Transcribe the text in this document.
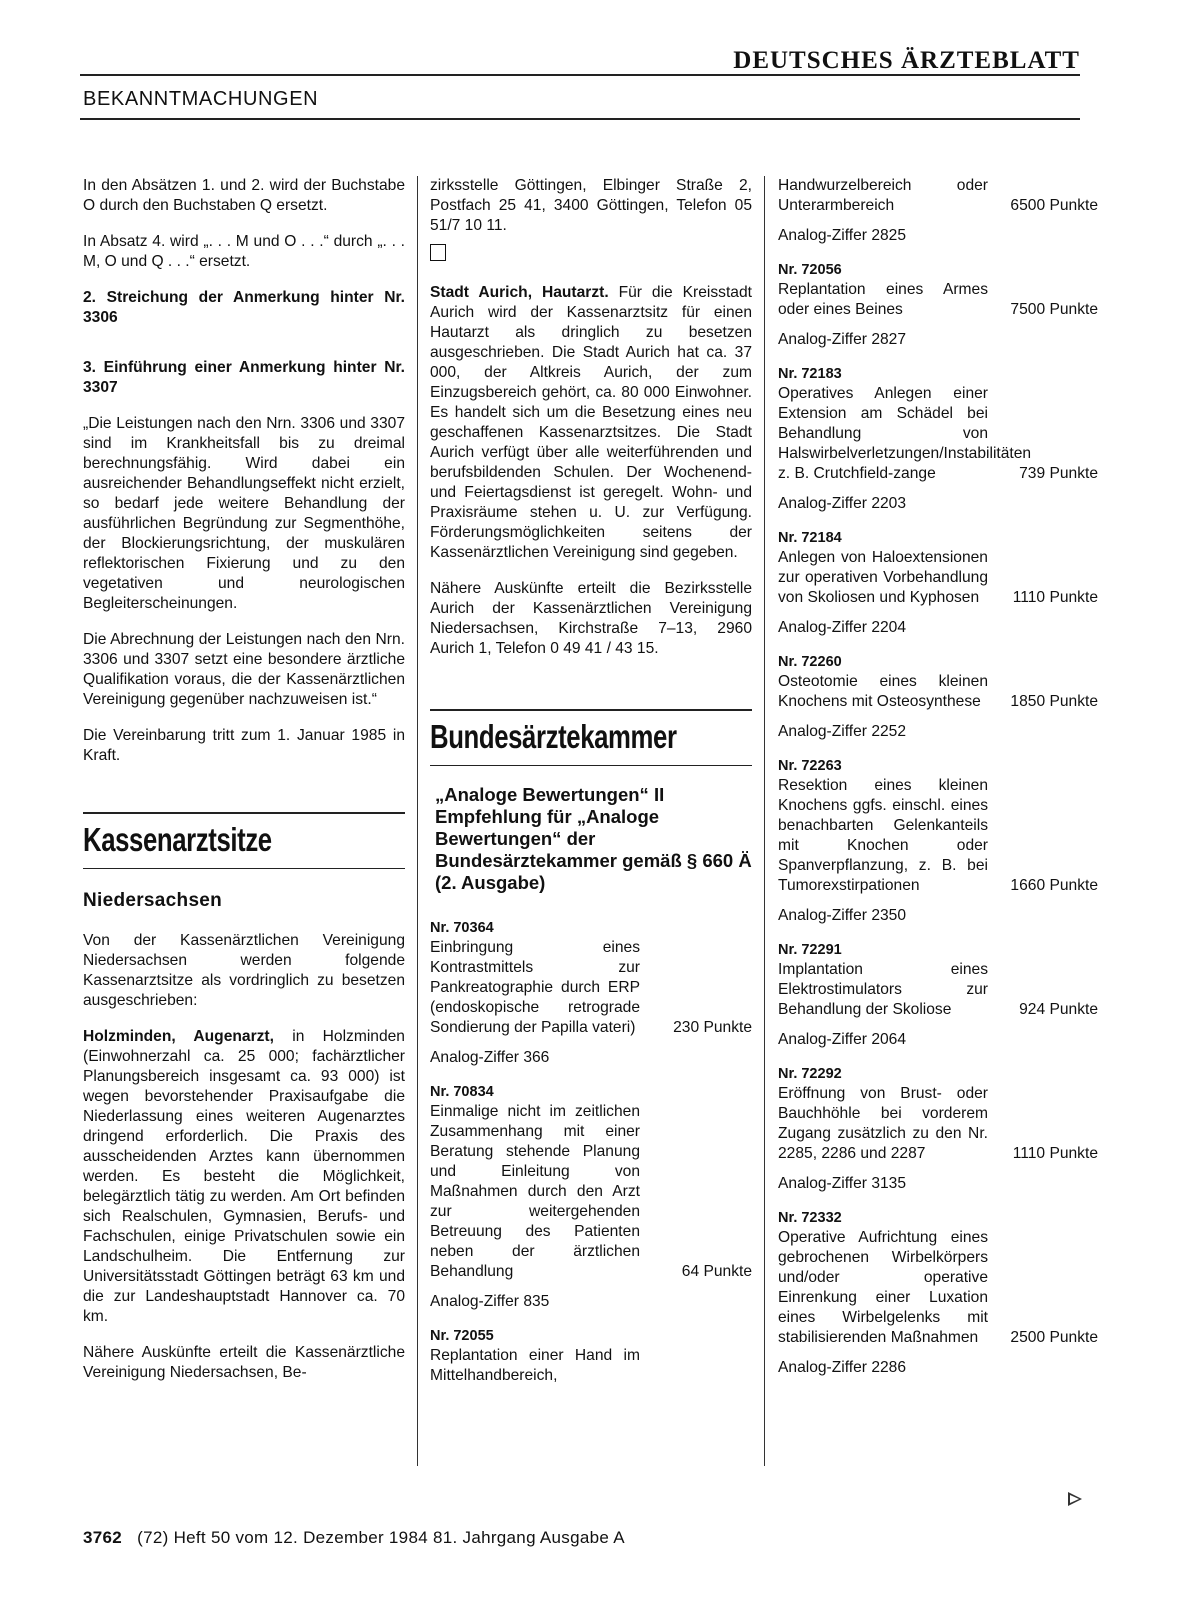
DEUTSCHES ÄRZTEBLATT
BEKANNTMACHUNGEN

In den Absätzen 1. und 2. wird der Buchstabe O durch den Buchstaben Q ersetzt.

In Absatz 4. wird „. . . M und O . . .“ durch „. . . M, O und Q . . .“ ersetzt.

2. Streichung der Anmerkung hinter Nr. 3306

3. Einführung einer Anmerkung hinter Nr. 3307

„Die Leistungen nach den Nrn. 3306 und 3307 sind im Krankheitsfall bis zu dreimal berechnungsfähig. Wird dabei ein ausreichender Behandlungseffekt nicht erzielt, so bedarf jede weitere Behandlung der ausführlichen Begründung zur Segmenthöhe, der Blockierungsrichtung, der muskulären reflektorischen Fixierung und zu den vegetativen und neurologischen Begleiterscheinungen.

Die Abrechnung der Leistungen nach den Nrn. 3306 und 3307 setzt eine besondere ärztliche Qualifikation voraus, die der Kassenärztlichen Vereinigung gegenüber nachzuweisen ist.“

Die Vereinbarung tritt zum 1. Januar 1985 in Kraft.

Kassenarztsitze
Niedersachsen

Von der Kassenärztlichen Vereinigung Niedersachsen werden folgende Kassenarztsitze als vordringlich zu besetzen ausgeschrieben:

Holzminden, Augenarzt, in Holzminden (Einwohnerzahl ca. 25 000; fachärztlicher Planungsbereich insgesamt ca. 93 000) ist wegen bevorstehender Praxisaufgabe die Niederlassung eines weiteren Augenarztes dringend erforderlich. Die Praxis des ausscheidenden Arztes kann übernommen werden. Es besteht die Möglichkeit, belegärztlich tätig zu werden. Am Ort befinden sich Realschulen, Gymnasien, Berufs- und Fachschulen, einige Privatschulen sowie ein Landschulheim. Die Entfernung zur Universitätsstadt Göttingen beträgt 63 km und die zur Landeshauptstadt Hannover ca. 70 km.

Nähere Auskünfte erteilt die Kassenärztliche Vereinigung Niedersachsen, Be-

zirksstelle Göttingen, Elbinger Straße 2, Postfach 25 41, 3400 Göttingen, Telefon 05 51/7 10 11.

Stadt Aurich, Hautarzt. Für die Kreisstadt Aurich wird der Kassenarztsitz für einen Hautarzt als dringlich zu besetzen ausgeschrieben. Die Stadt Aurich hat ca. 37 000, der Altkreis Aurich, der zum Einzugsbereich gehört, ca. 80 000 Einwohner. Es handelt sich um die Besetzung eines neu geschaffenen Kassenarztsitzes. Die Stadt Aurich verfügt über alle weiterführenden und berufsbildenden Schulen. Der Wochenend- und Feiertagsdienst ist geregelt. Wohn- und Praxisräume stehen u. U. zur Verfügung. Förderungsmöglichkeiten seitens der Kassenärztlichen Vereinigung sind gegeben.

Nähere Auskünfte erteilt die Bezirksstelle Aurich der Kassenärztlichen Vereinigung Niedersachsen, Kirchstraße 7–13, 2960 Aurich 1, Telefon 0 49 41 / 43 15.

Bundesärztekammer
„Analoge Bewertungen“ II Empfehlung für „Analoge Bewertungen“ der Bundesärztekammer gemäß § 660 Ä (2. Ausgabe)
Nr. 70364
Einbringung eines Kontrastmittels zur Pankreatographie durch ERP (endoskopische retrograde Sondierung der Papilla vateri) 230 Punkte
Analog-Ziffer 366
Nr. 70834
Einmalige nicht im zeitlichen Zusammenhang mit einer Beratung stehende Planung und Einleitung von Maßnahmen durch den Arzt zur weitergehenden Betreuung des Patienten neben der ärztlichen Behandlung	64 Punkte
Analog-Ziffer 835
Nr. 72055
Replantation einer Hand im Mittelhandbereich,
Handwurzelbereich oder Unterarmbereich	6500 Punkte
Analog-Ziffer 2825
Nr. 72056
Replantation eines Armes oder eines Beines	7500 Punkte
Analog-Ziffer 2827
Nr. 72183
Operatives Anlegen einer Extension am Schädel bei Behandlung von Halswirbelverletzungen/Instabilitäten z. B. Crutchfield-zange	739 Punkte
Analog-Ziffer 2203
Nr. 72184
Anlegen von Haloextensionen zur operativen Vorbehandlung von Skoliosen und Kyphosen	1110 Punkte
Analog-Ziffer 2204
Nr. 72260
Osteotomie eines kleinen Knochens mit Osteosynthese	1850 Punkte
Analog-Ziffer 2252
Nr. 72263
Resektion eines kleinen Knochens ggfs. einschl. eines benachbarten Gelenkanteils mit Knochen oder Spanverpflanzung, z. B. bei Tumorexstirpationen	1660 Punkte
Analog-Ziffer 2350
Nr. 72291
Implantation eines Elektrostimulators zur Behandlung der Skoliose	924 Punkte
Analog-Ziffer 2064
Nr. 72292
Eröffnung von Brust- oder Bauchhöhle bei vorderem Zugang zusätzlich zu den Nr. 2285, 2286 und 2287	1110 Punkte
Analog-Ziffer 3135
Nr. 72332
Operative Aufrichtung eines gebrochenen Wirbelkörpers und/oder operative Einrenkung einer Luxation eines Wirbelgelenks mit stabilisierenden Maßnahmen	2500 Punkte
Analog-Ziffer 2286
3762 (72) Heft 50 vom 12. Dezember 1984 81. Jahrgang Ausgabe A
